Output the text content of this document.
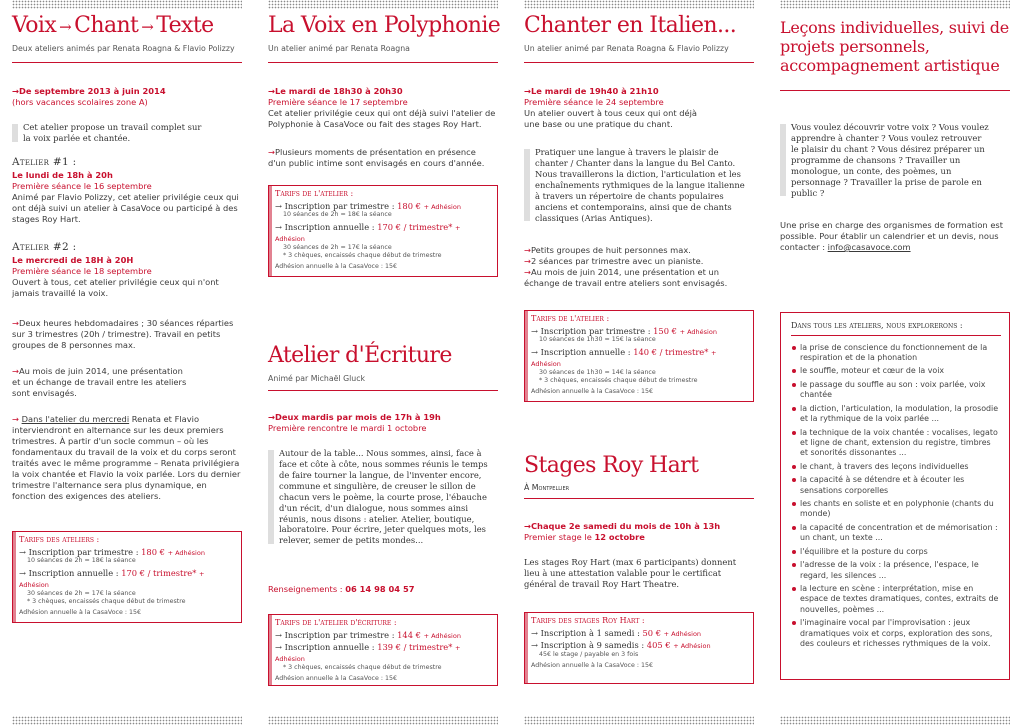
Voix → Chant → Texte
Deux ateliers animés par Renata Roagna & Flavio Polizzy
→ De septembre 2013 à juin 2014
(hors vacances scolaires zone A)
Cet atelier propose un travail complet sur la voix parlée et chantée.
Atelier #1 :
Le lundi de 18h à 20h
Première séance le 16 septembre
Animé par Flavio Polizzy, cet atelier privilégie ceux qui ont déjà suivi un atelier à CasaVoce ou participé à des stages Roy Hart.
Atelier #2 :
Le mercredi de 18H à 20H
Première séance le 18 septembre
Ouvert à tous, cet atelier privilégie ceux qui n'ont jamais travaillé la voix.
→ Deux heures hebdomadaires ; 30 séances réparties sur 3 trimestres (20h / trimestre). Travail en petits groupes de 8 personnes max.
→ Au mois de juin 2014, une présentation et un échange de travail entre les ateliers sont envisagés.
→ Dans l'atelier du mercredi Renata et Flavio interviendront en alternance sur les deux premiers trimestres. À partir d'un socle commun – où les fondamentaux du travail de la voix et du corps seront traités avec le même programme – Renata privilégiera la voix chantée et Flavio la voix parlée. Lors du dernier trimestre l'alternance sera plus dynamique, en fonction des exigences des ateliers.
Tarifs des ateliers :
→ Inscription par trimestre : 180 € + Adhésion
10 séances de 2h = 18€ la séance
→ Inscription annuelle : 170 € / trimestre* + Adhésion
30 séances de 2h = 17€ la séance
* 3 chèques, encaissés chaque début de trimestre
Adhésion annuelle à la CasaVoce : 15€
La Voix en Polyphonie
Un atelier animé par Renata Roagna
→ Le mardi de 18h30 à 20h30
Première séance le 17 septembre
Cet atelier privilégie ceux qui ont déjà suivi l'atelier de Polyphonie à CasaVoce ou fait des stages Roy Hart.
→ Plusieurs moments de présentation en présence d'un public intime sont envisagés en cours d'année.
Tarifs de l'atelier :
→ Inscription par trimestre : 180 € + Adhésion
10 séances de 2h = 18€ la séance
→ Inscription annuelle : 170 € / trimestre* + Adhésion
30 séances de 2h = 17€ la séance
* 3 chèques, encaissés chaque début de trimestre
Adhésion annuelle à la CasaVoce : 15€
Atelier d'Écriture
Animé par Michaël Gluck
→ Deux mardis par mois de 17h à 19h
Première rencontre le mardi 1 octobre
Autour de la table... Nous sommes, ainsi, face à face et côte à côte, nous sommes réunis le temps de faire tourner la langue, de l'inventer encore, commune et singulière, de creuser le sillon de chacun vers le poème, la courte prose, l'ébauche d'un récit, d'un dialogue, nous sommes ainsi réunis, nous disons : atelier. Atelier, boutique, laboratoire. Pour écrire, jeter quelques mots, les relever, semer de petits mondes...
Renseignements : 06 14 98 04 57
Tarifs de l'atelier d'écriture :
→ Inscription par trimestre : 144 € + Adhésion
→ Inscription annuelle : 139 € / trimestre* + Adhésion
* 3 chèques, encaissés chaque début de trimestre
Adhésion annuelle à la CasaVoce : 15€
Chanter en Italien...
Un atelier animé par Renata Roagna & Flavio Polizzy
→ Le mardi de 19h40 à 21h10
Première séance le 24 septembre
Un atelier ouvert à tous ceux qui ont déjà une base ou une pratique du chant.
Pratiquer une langue à travers le plaisir de chanter / Chanter dans la langue du Bel Canto. Nous travaillerons la diction, l'articulation et les enchaînements rythmiques de la langue italienne à travers un répertoire de chants populaires anciens et contemporains, ainsi que de chants classiques (Arias Antiques).
→ Petits groupes de huit personnes max.
→ 2 séances par trimestre avec un pianiste.
→ Au mois de juin 2014, une présentation et un échange de travail entre ateliers sont envisagés.
Tarifs de l'atelier :
→ Inscription par trimestre : 150 € + Adhésion
10 séances de 1h30 = 15€ la séance
→ Inscription annuelle : 140 € / trimestre* + Adhésion
30 séances de 1h30 = 14€ la séance
* 3 chèques, encaissés chaque début de trimestre
Adhésion annuelle à la CasaVoce : 15€
Stages Roy Hart
À Montpellier
→ Chaque 2e samedi du mois de 10h à 13h
Premier stage le 12 octobre
Les stages Roy Hart (max 6 participants) donnent lieu à une attestation valable pour le certificat général de travail Roy Hart Theatre.
Tarifs des stages Roy Hart :
→ Inscription à 1 samedi : 50 € + Adhésion
→ Inscription à 9 samedis : 405 € + Adhésion
45€ le stage / payable en 3 fois
Adhésion annuelle à la CasaVoce : 15€
Leçons individuelles, suivi de projets personnels, accompagnement artistique
Vous voulez découvrir votre voix ? Vous voulez apprendre à chanter ? Vous voulez retrouver le plaisir du chant ? Vous désirez préparer un programme de chansons ? Travailler un monologue, un conte, des poèmes, un personnage ? Travailler la prise de parole en public ?
Une prise en charge des organismes de formation est possible. Pour établir un calendrier et un devis, nous contacter : info@casavoce.com
Dans tous les ateliers, nous explorerons :
la prise de conscience du fonctionnement de la respiration et de la phonation
le souffle, moteur et cœur de la voix
le passage du souffle au son : voix parlée, voix chantée
la diction, l'articulation, la modulation, la prosodie et la rythmique de la voix parlée ...
la technique de la voix chantée : vocalises, legato et ligne de chant, extension du registre, timbres et sonorités dissonantes ...
le chant, à travers des leçons individuelles
la capacité à se détendre et à écouter les sensations corporelles
les chants en soliste et en polyphonie (chants du monde)
la capacité de concentration et de mémorisation : un chant, un texte ...
l'équilibre et la posture du corps
l'adresse de la voix : la présence, l'espace, le regard, les silences ...
la lecture en scène : interprétation, mise en espace de textes dramatiques, contes, extraits de nouvelles, poèmes ...
l'imaginaire vocal par l'improvisation : jeux dramatiques voix et corps, exploration des sons, des couleurs et richesses rythmiques de la voix.
